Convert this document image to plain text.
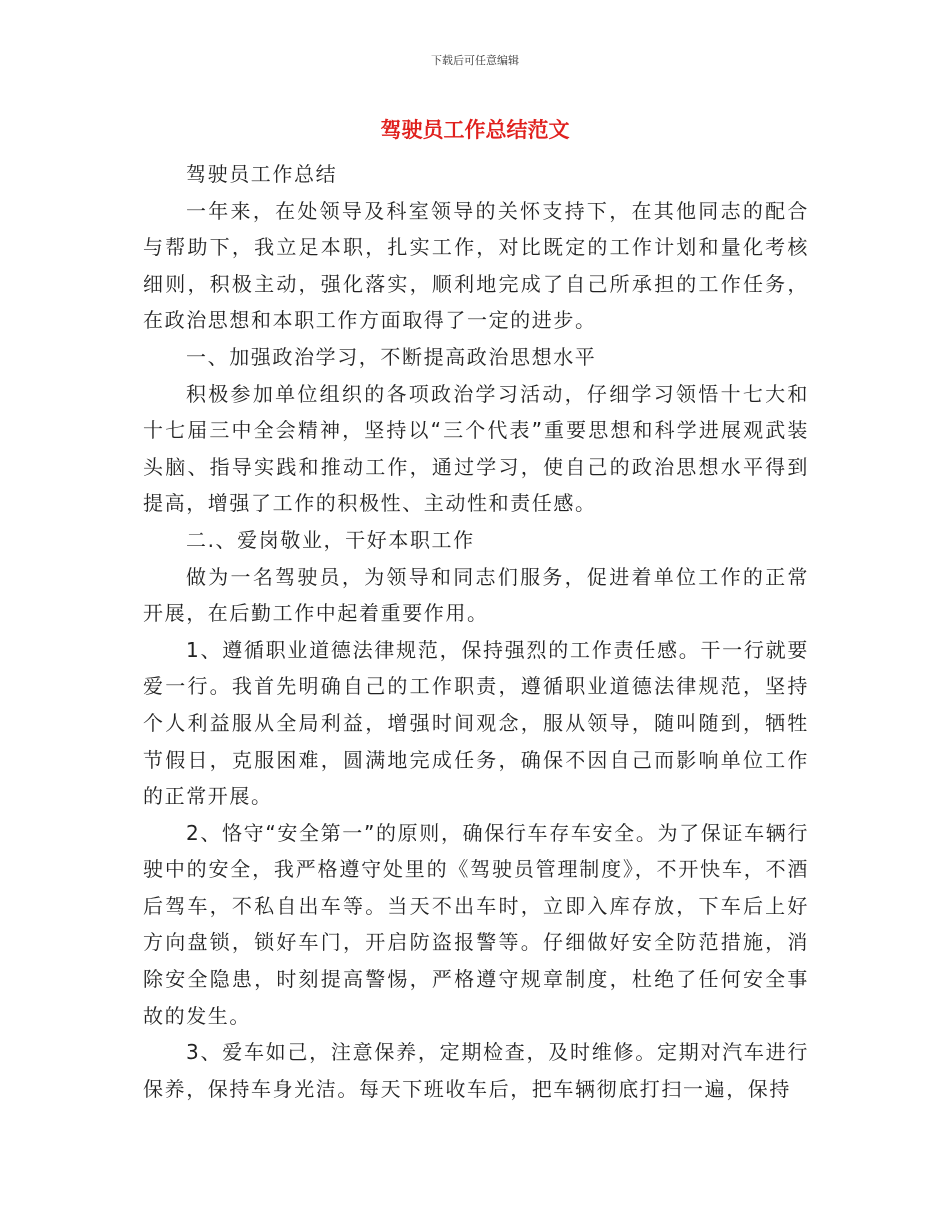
下载后可任意编辑
驾驶员工作总结范文

驾驶员工作总结

一年来，在处领导及科室领导的关怀支持下，在其他同志的配合与帮助下，我立足本职，扎实工作，对比既定的工作计划和量化考核细则，积极主动，强化落实，顺利地完成了自己所承担的工作任务，在政治思想和本职工作方面取得了一定的进步。

一、加强政治学习，不断提高政治思想水平

积极参加单位组织的各项政治学习活动，仔细学习领悟十七大和十七届三中全会精神，坚持以“三个代表”重要思想和科学进展观武装头脑、指导实践和推动工作，通过学习，使自己的政治思想水平得到提高，增强了工作的积极性、主动性和责任感。

二.、爱岗敬业，干好本职工作

做为一名驾驶员，为领导和同志们服务，促进着单位工作的正常开展，在后勤工作中起着重要作用。

1、遵循职业道德法律规范，保持强烈的工作责任感。干一行就要爱一行。我首先明确自己的工作职责，遵循职业道德法律规范，坚持个人利益服从全局利益，增强时间观念，服从领导，随叫随到，牺牲节假日，克服困难，圆满地完成任务，确保不因自己而影响单位工作的正常开展。

2、恪守“安全第一”的原则，确保行车存车安全。为了保证车辆行驶中的安全，我严格遵守处里的《驾驶员管理制度》，不开快车，不酒后驾车，不私自出车等。当天不出车时，立即入库存放，下车后上好方向盘锁，锁好车门，开启防盗报警等。仔细做好安全防范措施，消除安全隐患，时刻提高警惕，严格遵守规章制度，杜绝了任何安全事故的发生。

3、爱车如己，注意保养，定期检查，及时维修。定期对汽车进行保养，保持车身光洁。每天下班收车后，把车辆彻底打扫一遍，保持
